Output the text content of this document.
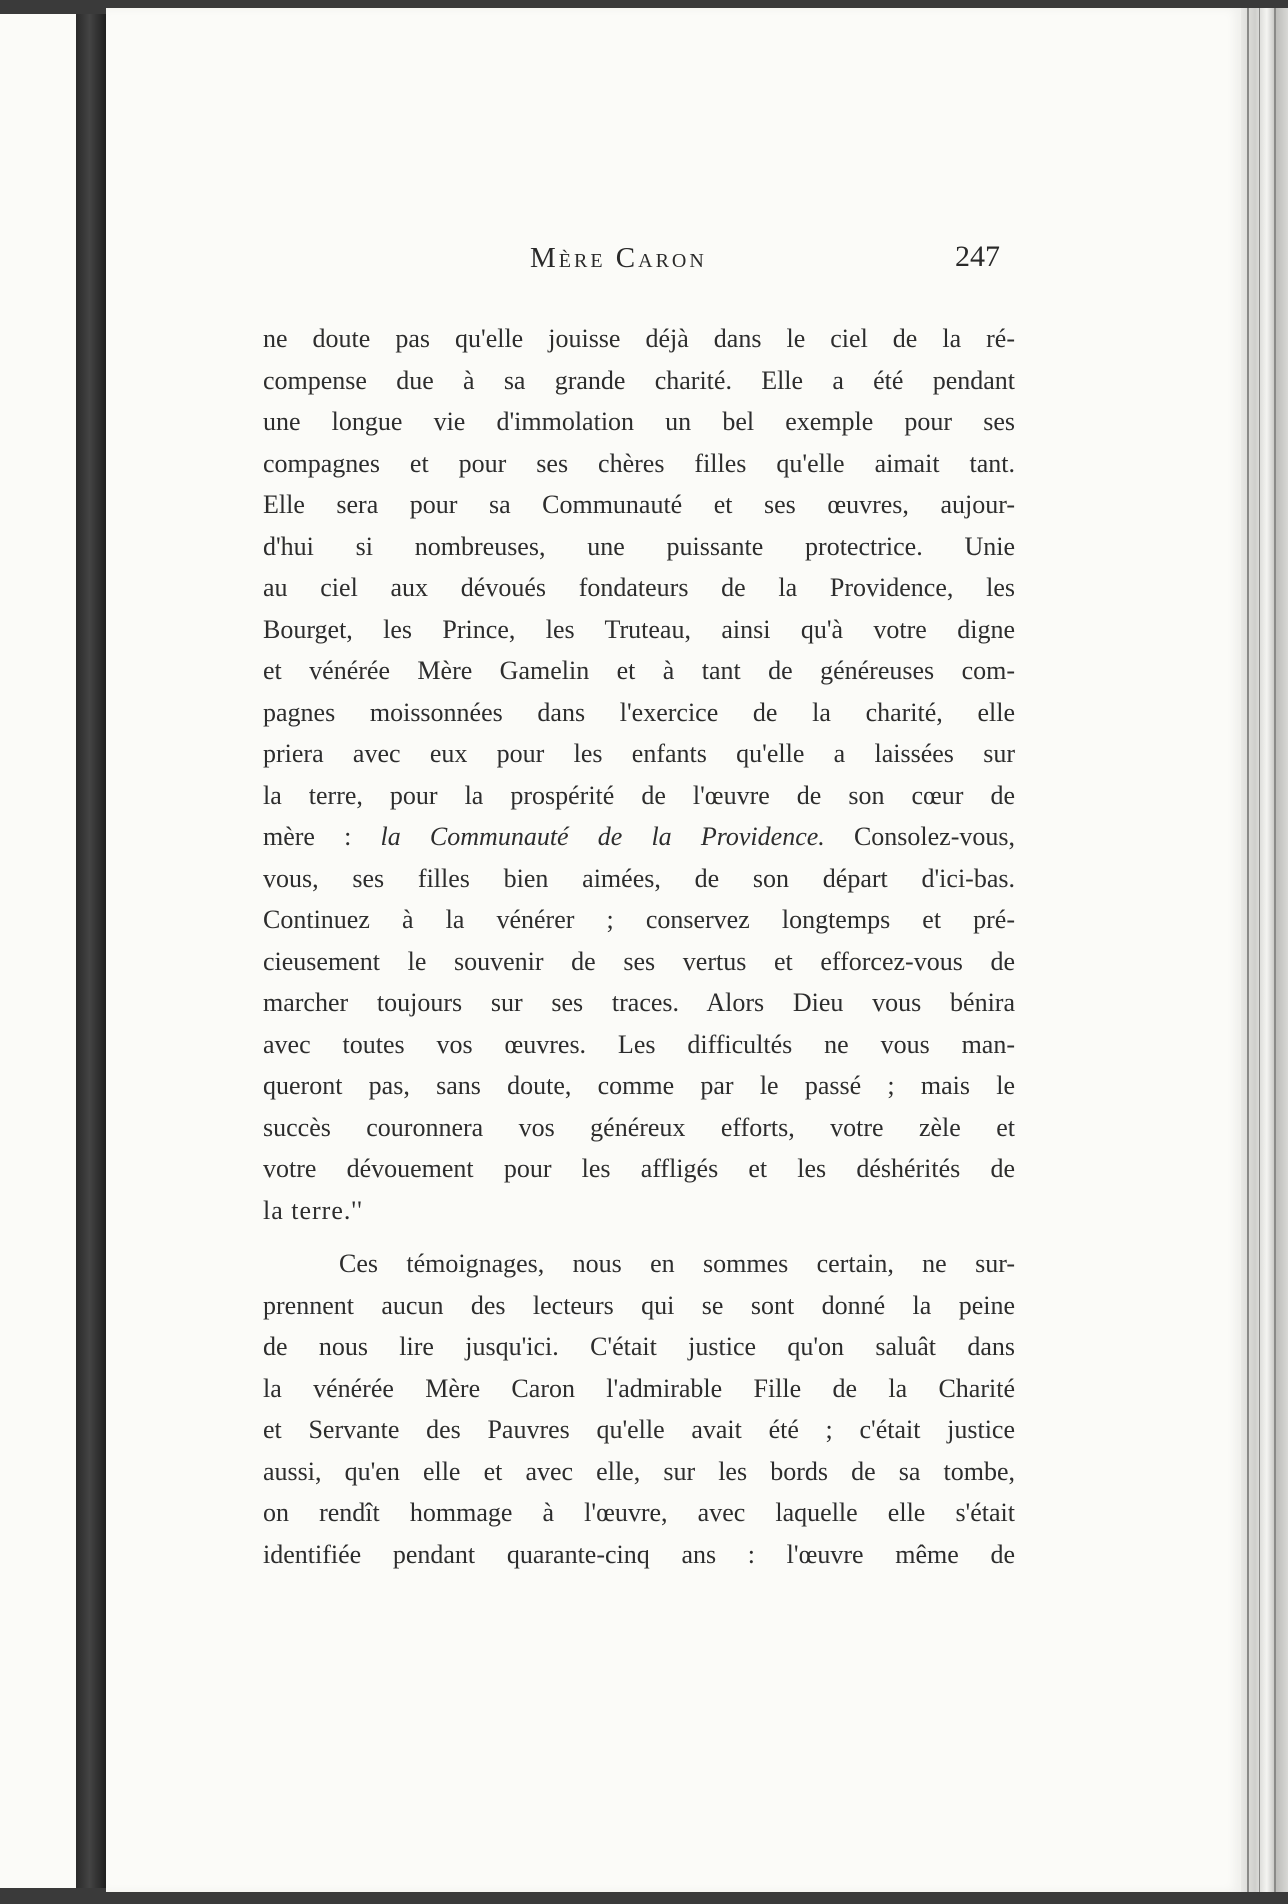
Mère Caron	247
ne doute pas qu'elle jouisse déjà dans le ciel de la ré-
compense due à sa grande charité. Elle a été pendant
une longue vie d'immolation un bel exemple pour ses
compagnes et pour ses chères filles qu'elle aimait tant.
Elle sera pour sa Communauté et ses œuvres, aujour-
d'hui si nombreuses, une puissante protectrice. Unie
au ciel aux dévoués fondateurs de la Providence, les
Bourget, les Prince, les Truteau, ainsi qu'à votre digne
et vénérée Mère Gamelin et à tant de généreuses com-
pagnes moissonnées dans l'exercice de la charité, elle
priera avec eux pour les enfants qu'elle a laissées sur
la terre, pour la prospérité de l'œuvre de son cœur de
mère : la Communauté de la Providence. Consolez-vous,
vous, ses filles bien aimées, de son départ d'ici-bas.
Continuez à la vénérer ; conservez longtemps et pré-
cieusement le souvenir de ses vertus et efforcez-vous de
marcher toujours sur ses traces. Alors Dieu vous bénira
avec toutes vos œuvres. Les difficultés ne vous man-
queront pas, sans doute, comme par le passé ; mais le
succès couronnera vos généreux efforts, votre zèle et
votre dévouement pour les affligés et les déshérités de
la terre.''
Ces témoignages, nous en sommes certain, ne sur-
prennent aucun des lecteurs qui se sont donné la peine
de nous lire jusqu'ici. C'était justice qu'on saluât dans
la vénérée Mère Caron l'admirable Fille de la Charité
et Servante des Pauvres qu'elle avait été ; c'était justice
aussi, qu'en elle et avec elle, sur les bords de sa tombe,
on rendît hommage à l'œuvre, avec laquelle elle s'était
identifiée pendant quarante-cinq ans : l'œuvre même de
